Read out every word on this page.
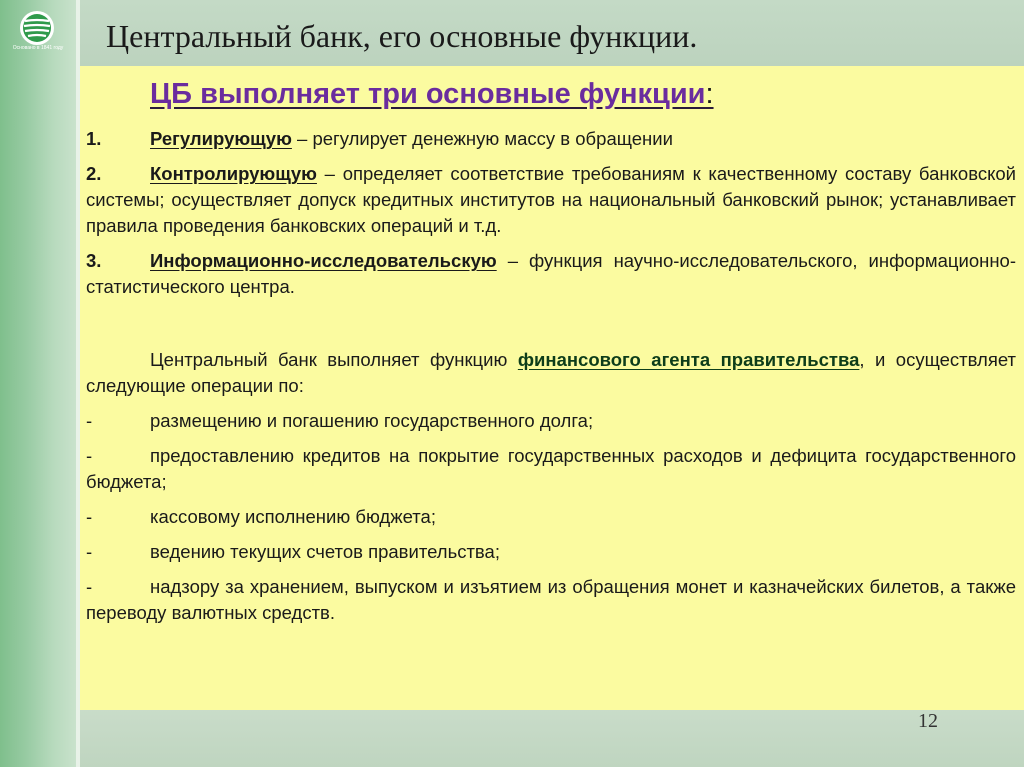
Основано в 1841 году Центральный банк, его основные функции.
ЦБ выполняет три основные функции:

1.	Регулирующую – регулирует денежную массу в обращении

2.	Контролирующую – определяет соответствие требованиям к качественному составу банковской системы; осуществляет допуск кредитных институтов на национальный банковский рынок; устанавливает правила проведения банковских операций и т.д.

3.	Информационно-исследовательскую – функция научно-исследовательского, информационно-статистического центра.

Центральный банк выполняет функцию финансового агента правительства, и осуществляет следующие операции по:

-	размещению и погашению государственного долга;

-	предоставлению кредитов на покрытие государственных расходов и дефицита государственного бюджета;

-	кассовому исполнению бюджета;

-	ведению текущих счетов правительства;

-	надзору за хранением, выпуском и изъятием из обращения монет и казначейских билетов, а также переводу валютных средств.

12
